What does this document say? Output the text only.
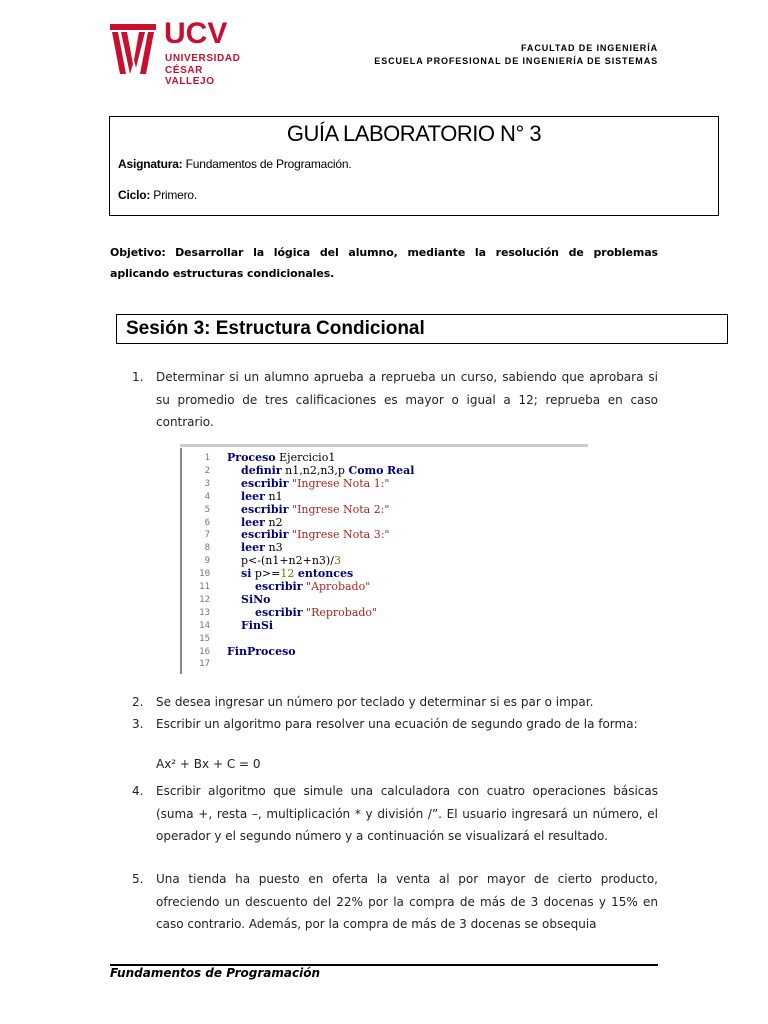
UCV
UNIVERSIDAD
CÉSAR VALLEJO
FACULTAD DE INGENIERÍA
ESCUELA PROFESIONAL DE INGENIERÍA DE SISTEMAS
GUÍA LABORATORIO N° 3
Asignatura: Fundamentos de Programación.
Ciclo: Primero.
Objetivo: Desarrollar la lógica del alumno, mediante la resolución de problemas aplicando estructuras condicionales.
Sesión 3: Estructura Condicional
1. Determinar si un alumno aprueba a reprueba un curso, sabiendo que aprobara si su promedio de tres calificaciones es mayor o igual a 12; reprueba en caso contrario.
1 Proceso Ejercicio1
2	definir n1,n2,n3,p Como Real
3	escribir "Ingrese Nota 1:"
4	leer n1
5	escribir "Ingrese Nota 2:"
6	leer n2
7	escribir "Ingrese Nota 3:"
8	leer n3
9 p<-(n1+n2+n3)/3
10	si p>=12 entonces
11	escribir "Aprobado"
12	SiNo
13	escribir "Reprobado"
14	FinSi
15
16 FinProceso
17
2. Se desea ingresar un número por teclado y determinar si es par o impar.
3. Escribir un algoritmo para resolver una ecuación de segundo grado de la forma:
Ax² + Bx + C = 0
4. Escribir algoritmo que simule una calculadora con cuatro operaciones básicas (suma +, resta –, multiplicación * y división /”. El usuario ingresará un número, el operador y el segundo número y a continuación se visualizará el resultado.
5. Una tienda ha puesto en oferta la venta al por mayor de cierto producto, ofreciendo un descuento del 22% por la compra de más de 3 docenas y 15% en caso contrario. Además, por la compra de más de 3 docenas se obsequia
Fundamentos de Programación
